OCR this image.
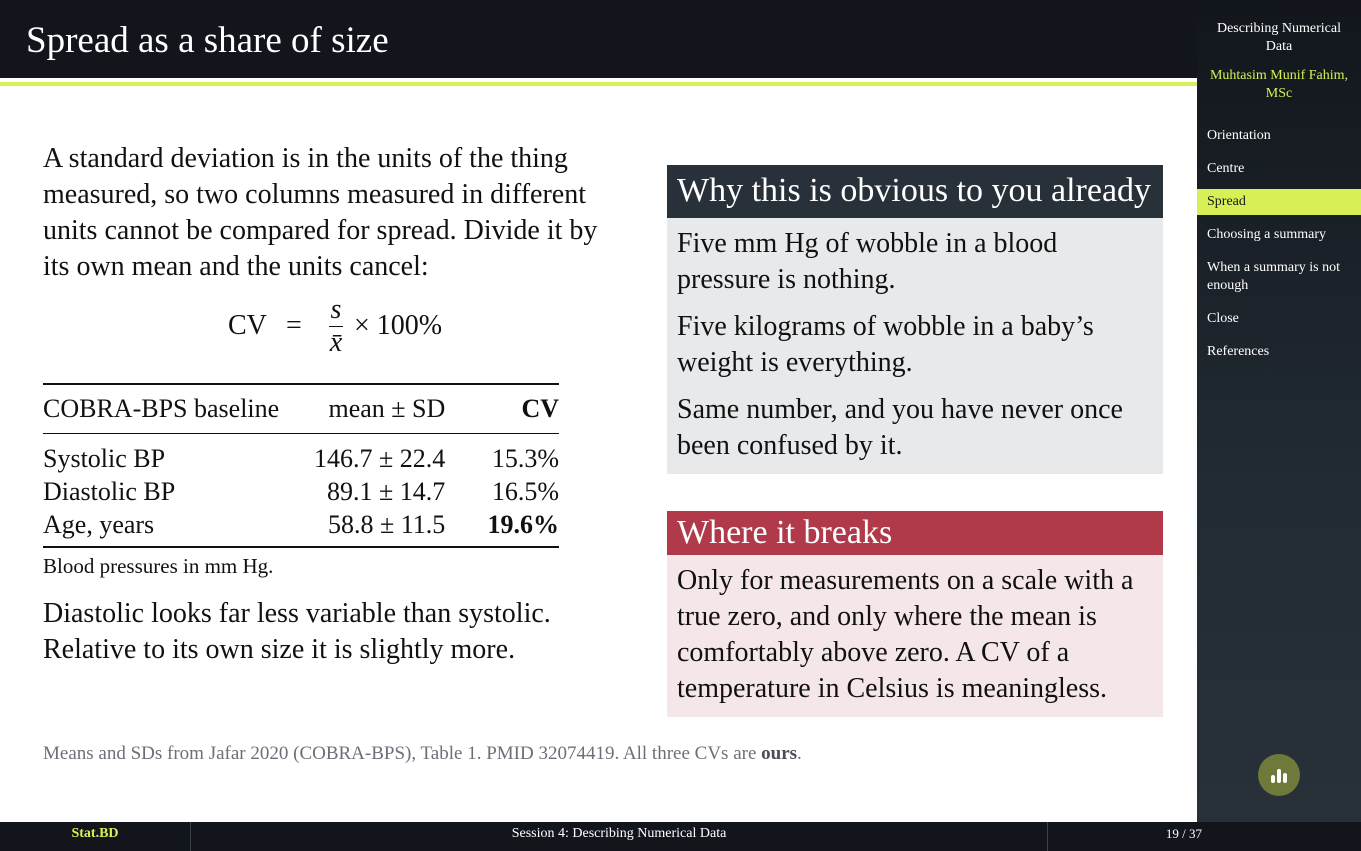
Spread as a share of size

A standard deviation is in the units of the thing measured, so two columns measured in different units cannot be compared for spread. Divide it by its own mean and the units cancel:

CV =
s
x̄
× 100%
COBRA-BPS baseline	mean ± SD	CV
Systolic BP	146.7 ± 22.4	15.3%
Diastolic BP	89.1 ± 14.7	16.5%
Age, years	58.8 ± 11.5	19.6%
Blood pressures in mm Hg.

Diastolic looks far less variable than systolic. Relative to its own size it is slightly more.

Means and SDs from Jafar 2020 (COBRA-BPS), Table 1. PMID 32074419. All three CVs are ours.
Why this is obvious to you already

Five mm Hg of wobble in a blood pressure is nothing.

Five kilograms of wobble in a baby’s weight is everything.

Same number, and you have never once been confused by it.

Where it breaks

Only for measurements on a scale with a true zero, and only where the mean is comfortably above zero. A CV of a temperature in Celsius is meaningless.

Describing Numerical Data
Muhtasim Munif Fahim, MSc
Orientation
Centre
Spread
Choosing a summary
When a summary is not enough
Close
References
Stat.BD	Session 4: Describing Numerical Data	19 / 37
